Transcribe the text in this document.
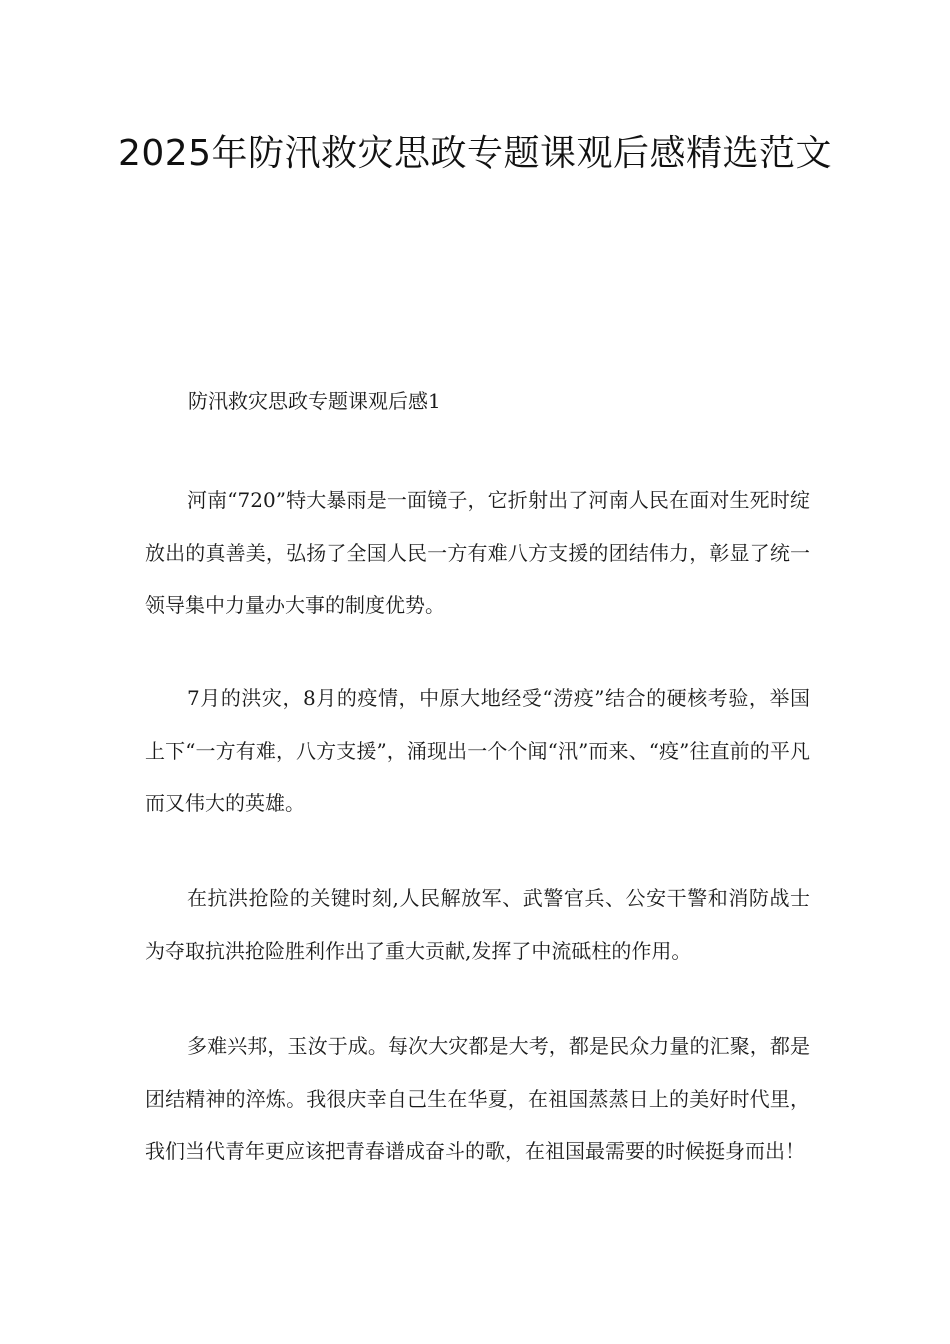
2025年防汛救灾思政专题课观后感精选范文

防汛救灾思政专题课观后感1

河南“720”特大暴雨是一面镜子，它折射出了河南人民在面对生死时绽放出的真善美，弘扬了全国人民一方有难八方支援的团结伟力，彰显了统一领导集中力量办大事的制度优势。

7月的洪灾，8月的疫情，中原大地经受“涝疫”结合的硬核考验，举国上下“一方有难，八方支援”，涌现出一个个闻“汛”而来、“疫”往直前的平凡而又伟大的英雄。

在抗洪抢险的关键时刻,人民解放军、武警官兵、公安干警和消防战士为夺取抗洪抢险胜利作出了重大贡献,发挥了中流砥柱的作用。

多难兴邦，玉汝于成。每次大灾都是大考，都是民众力量的汇聚，都是团结精神的淬炼。我很庆幸自己生在华夏，在祖国蒸蒸日上的美好时代里，我们当代青年更应该把青春谱成奋斗的歌，在祖国最需要的时候挺身而出！
